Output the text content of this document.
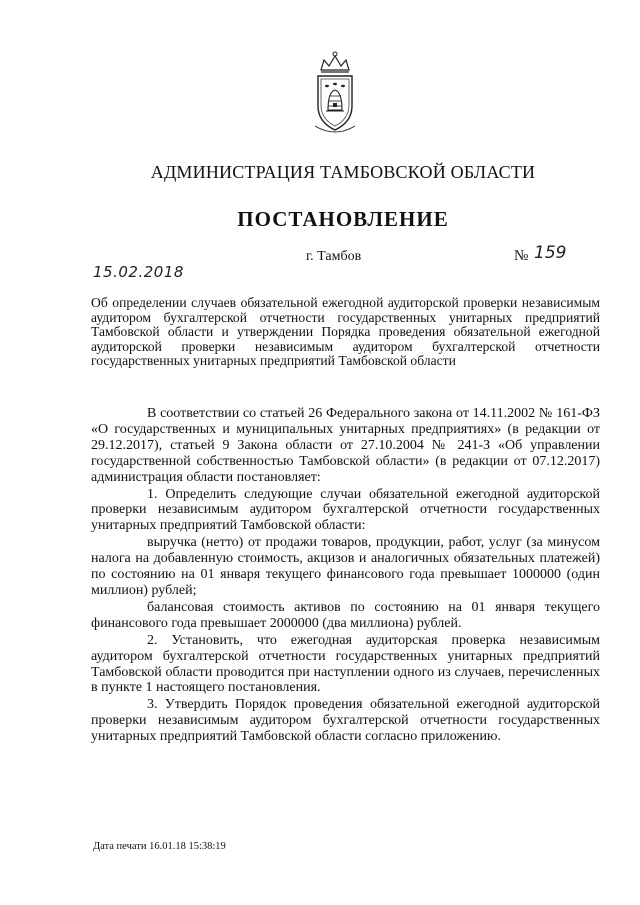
АДМИНИСТРАЦИЯ ТАМБОВСКОЙ ОБЛАСТИ
ПОСТАНОВЛЕНИЕ
г. Тамбов	№ 159
15.02.2018
Об определении случаев обязательной ежегодной аудиторской проверки независимым аудитором бухгалтерской отчетности государственных унитарных предприятий Тамбовской области и утверждении Порядка проведения обязательной ежегодной аудиторской проверки независимым аудитором бухгалтерской отчетности государственных унитарных предприятий Тамбовской области

В соответствии со статьей 26 Федерального закона от 14.11.2002 № 161-ФЗ «О государственных и муниципальных унитарных предприятиях» (в редакции от 29.12.2017), статьей 9 Закона области от 27.10.2004 № 241-З «Об управлении государственной собственностью Тамбовской области» (в редакции от 07.12.2017) администрация области постановляет:

1. Определить следующие случаи обязательной ежегодной аудиторской проверки независимым аудитором бухгалтерской отчетности государственных унитарных предприятий Тамбовской области:

выручка (нетто) от продажи товаров, продукции, работ, услуг (за минусом налога на добавленную стоимость, акцизов и аналогичных обязательных платежей) по состоянию на 01 января текущего финансового года превышает 1000000 (один миллион) рублей;

балансовая стоимость активов по состоянию на 01 января текущего финансового года превышает 2000000 (два миллиона) рублей.

2. Установить, что ежегодная аудиторская проверка независимым аудитором бухгалтерской отчетности государственных унитарных предприятий Тамбовской области проводится при наступлении одного из случаев, перечисленных в пункте 1 настоящего постановления.

3. Утвердить Порядок проведения обязательной ежегодной аудиторской проверки независимым аудитором бухгалтерской отчетности государственных унитарных предприятий Тамбовской области согласно приложению.

Дата печати 16.01.18 15:38:19
